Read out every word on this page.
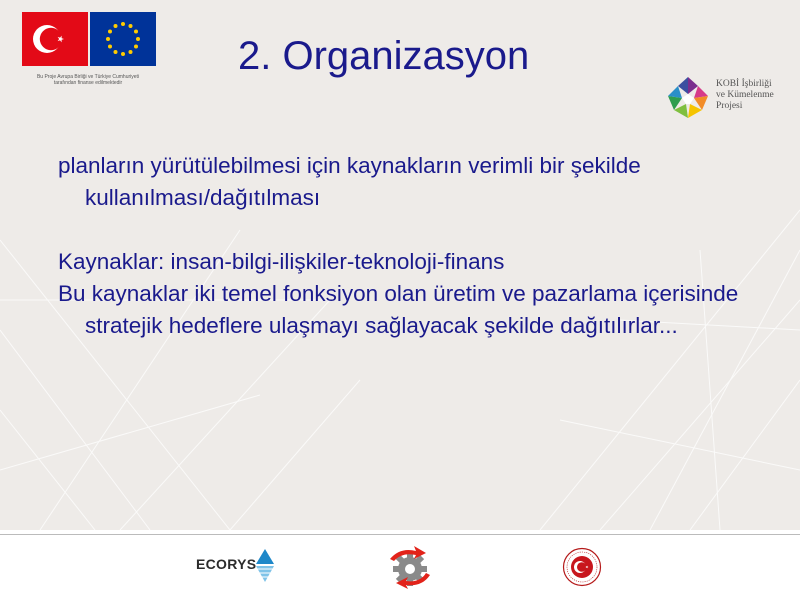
Bu Proje Avrupa Birliği ve Türkiye Cumhuriyeti
tarafından finanse edilmektedir
2. Organizasyon
KOBİ İşbirliği
ve Kümelenme
Projesi

planların yürütülebilmesi için kaynakların verimli bir şekilde kullanılması/dağıtılması

Kaynaklar: insan-bilgi-ilişkiler-teknoloji-finans

Bu kaynaklar iki temel fonksiyon olan üretim ve pazarlama içerisinde stratejik hedeflere ulaşmayı sağlayacak şekilde dağıtılırlar...

ECORYS
